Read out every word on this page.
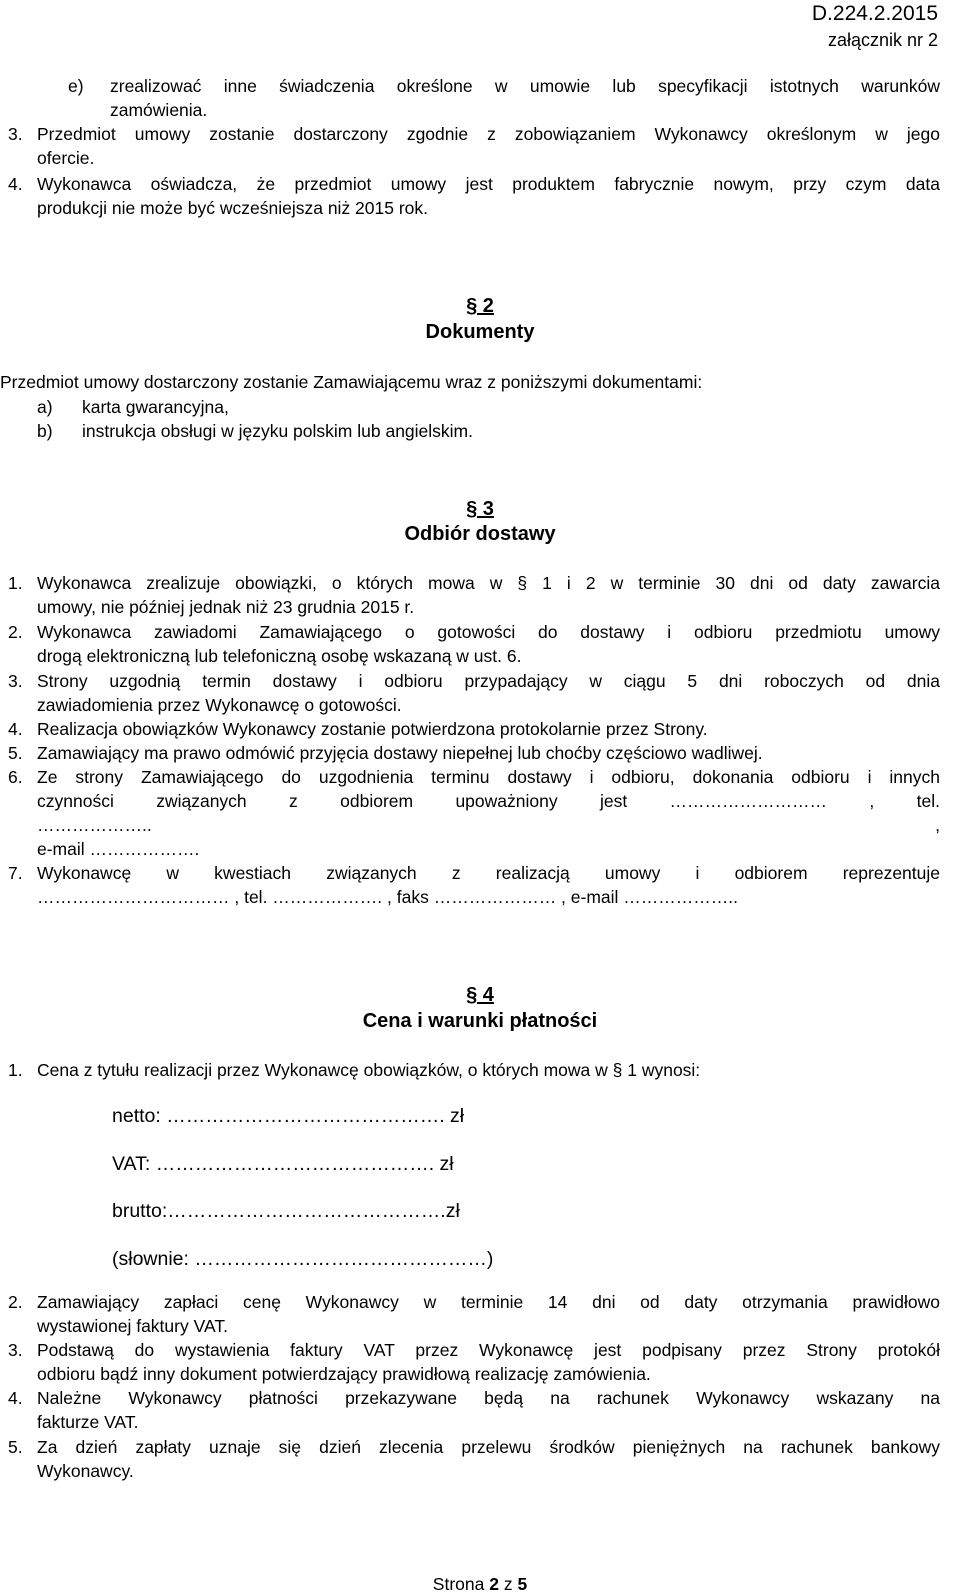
D.224.2.2015
załącznik nr 2
e) zrealizować inne świadczenia określone w umowie lub specyfikacji istotnych warunków
zamówienia.
3. Przedmiot umowy zostanie dostarczony zgodnie z zobowiązaniem Wykonawcy określonym w jego
ofercie.
4. Wykonawca oświadcza, że przedmiot umowy jest produktem fabrycznie nowym, przy czym data
produkcji nie może być wcześniejsza niż 2015 rok.
§ 2
Dokumenty
Przedmiot umowy dostarczony zostanie Zamawiającemu wraz z poniższymi dokumentami:
a) karta gwarancyjna,
b) instrukcja obsługi w języku polskim lub angielskim.
§ 3
Odbiór dostawy
1. Wykonawca zrealizuje obowiązki, o których mowa w § 1 i 2 w terminie 30 dni od daty zawarcia
umowy, nie później jednak niż 23 grudnia 2015 r.
2. Wykonawca zawiadomi Zamawiającego o gotowości do dostawy i odbioru przedmiotu umowy
drogą elektroniczną lub telefoniczną osobę wskazaną w ust. 6.
3. Strony uzgodnią termin dostawy i odbioru przypadający w ciągu 5 dni roboczych od dnia
zawiadomienia przez Wykonawcę o gotowości.
4. Realizacja obowiązków Wykonawcy zostanie potwierdzona protokolarnie przez Strony.
5. Zamawiający ma prawo odmówić przyjęcia dostawy niepełnej lub choćby częściowo wadliwej.
6. Ze strony Zamawiającego do uzgodnienia terminu dostawy i odbioru, dokonania odbioru i innych
czynności związanych z odbiorem upoważniony jest ……………………… , tel.
……………….. ,
e-mail ……………….
7. Wykonawcę w kwestiach związanych z realizacją umowy i odbiorem reprezentuje
…………………………… , tel. ………………. , faks ………………… , e-mail ………………..
§ 4
Cena i warunki płatności
1. Cena z tytułu realizacji przez Wykonawcę obowiązków, o których mowa w § 1 wynosi:
netto: ……………………………………. zł
VAT: ……………………………………. zł
brutto:…………………………………….zł
(słownie: ………………………………………)
2. Zamawiający zapłaci cenę Wykonawcy w terminie 14 dni od daty otrzymania prawidłowo
wystawionej faktury VAT.
3. Podstawą do wystawienia faktury VAT przez Wykonawcę jest podpisany przez Strony protokół
odbioru bądź inny dokument potwierdzający prawidłową realizację zamówienia.
4. Należne Wykonawcy płatności przekazywane będą na rachunek Wykonawcy wskazany na
fakturze VAT.
5. Za dzień zapłaty uznaje się dzień zlecenia przelewu środków pieniężnych na rachunek bankowy
Wykonawcy.
Strona 2 z 5
